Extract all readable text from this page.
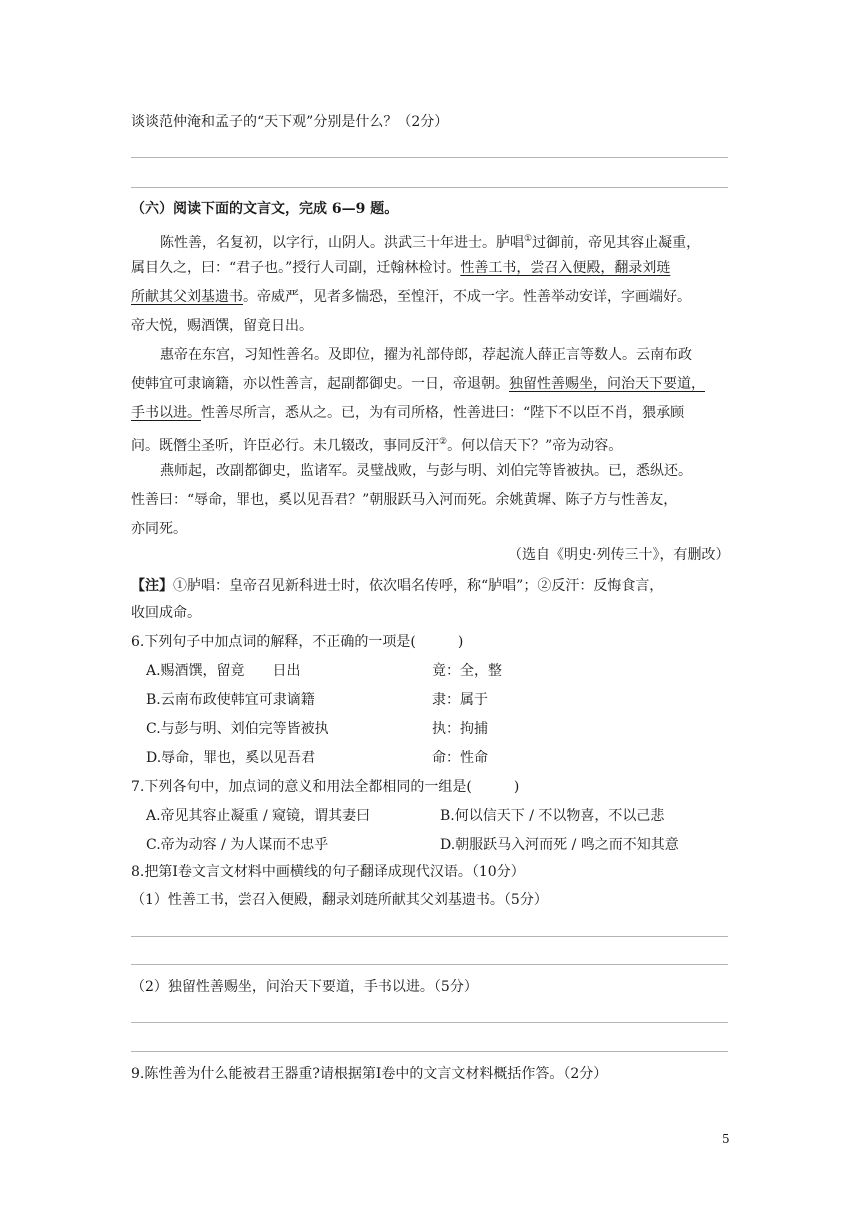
谈谈范仲淹和孟子的“天下观”分别是什么？（2分）
（六）阅读下面的文言文，完成 6—9 题。
陈性善，名复初，以字行，山阴人。洪武三十年进士。胪唱①过御前，帝见其容止凝重，
属目久之，曰：“君子也。”授行人司副，迁翰林检讨。性善工书，尝召入便殿，翻录刘琏
所献其父刘基遗书。帝威严，见者多惴恐，至惶汗，不成一字。性善举动安详，字画端好。
帝大悦，赐酒馔，留竟日出。
惠帝在东宫，习知性善名。及即位，擢为礼部侍郎，荐起流人薛正言等数人。云南布政
使韩宜可隶谪籍，亦以性善言，起副都御史。一日，帝退朝。独留性善赐坐，问治天下要道，
手书以进。性善尽所言，悉从之。已，为有司所格，性善进曰：“陛下不以臣不肖，猥承顾
问。既僭尘圣听，许臣必行。未几辍改，事同反汗②。何以信天下？”帝为动容。
燕师起，改副都御史，监诸军。灵璧战败，与彭与明、刘伯完等皆被执。已，悉纵还。
性善曰：“辱命，罪也，奚以见吾君？”朝服跃马入河而死。余姚黄墀、陈子方与性善友，
亦同死。
（选自《明史·列传三十》，有删改）
【注】①胪唱：皇帝召见新科进士时，依次唱名传呼，称“胪唱”；②反汗：反悔食言，
收回成命。
6.下列句子中加点词的解释，不正确的一项是(　　　)
A.赐酒馔，留竟　　日出	竟：全，整
B.云南布政使韩宜可隶谪籍	隶：属于
C.与彭与明、刘伯完等皆被执	执：拘捕
D.辱命，罪也，奚以见吾君	命：性命
7.下列各句中，加点词的意义和用法全都相同的一组是(　　　)
A.帝见其容止凝重 / 窥镜，谓其妻曰	B.何以信天下 / 不以物喜，不以己悲
C.帝为动容 / 为人谋而不忠乎	D.朝服跃马入河而死 / 鸣之而不知其意
8.把第Ⅰ卷文言文材料中画横线的句子翻译成现代汉语。（10分）
（1）性善工书，尝召入便殿，翻录刘琏所献其父刘基遗书。（5分）
（2）独留性善赐坐，问治天下要道，手书以进。（5分）
9.陈性善为什么能被君王器重?请根据第Ⅰ卷中的文言文材料概括作答。（2分）
5
